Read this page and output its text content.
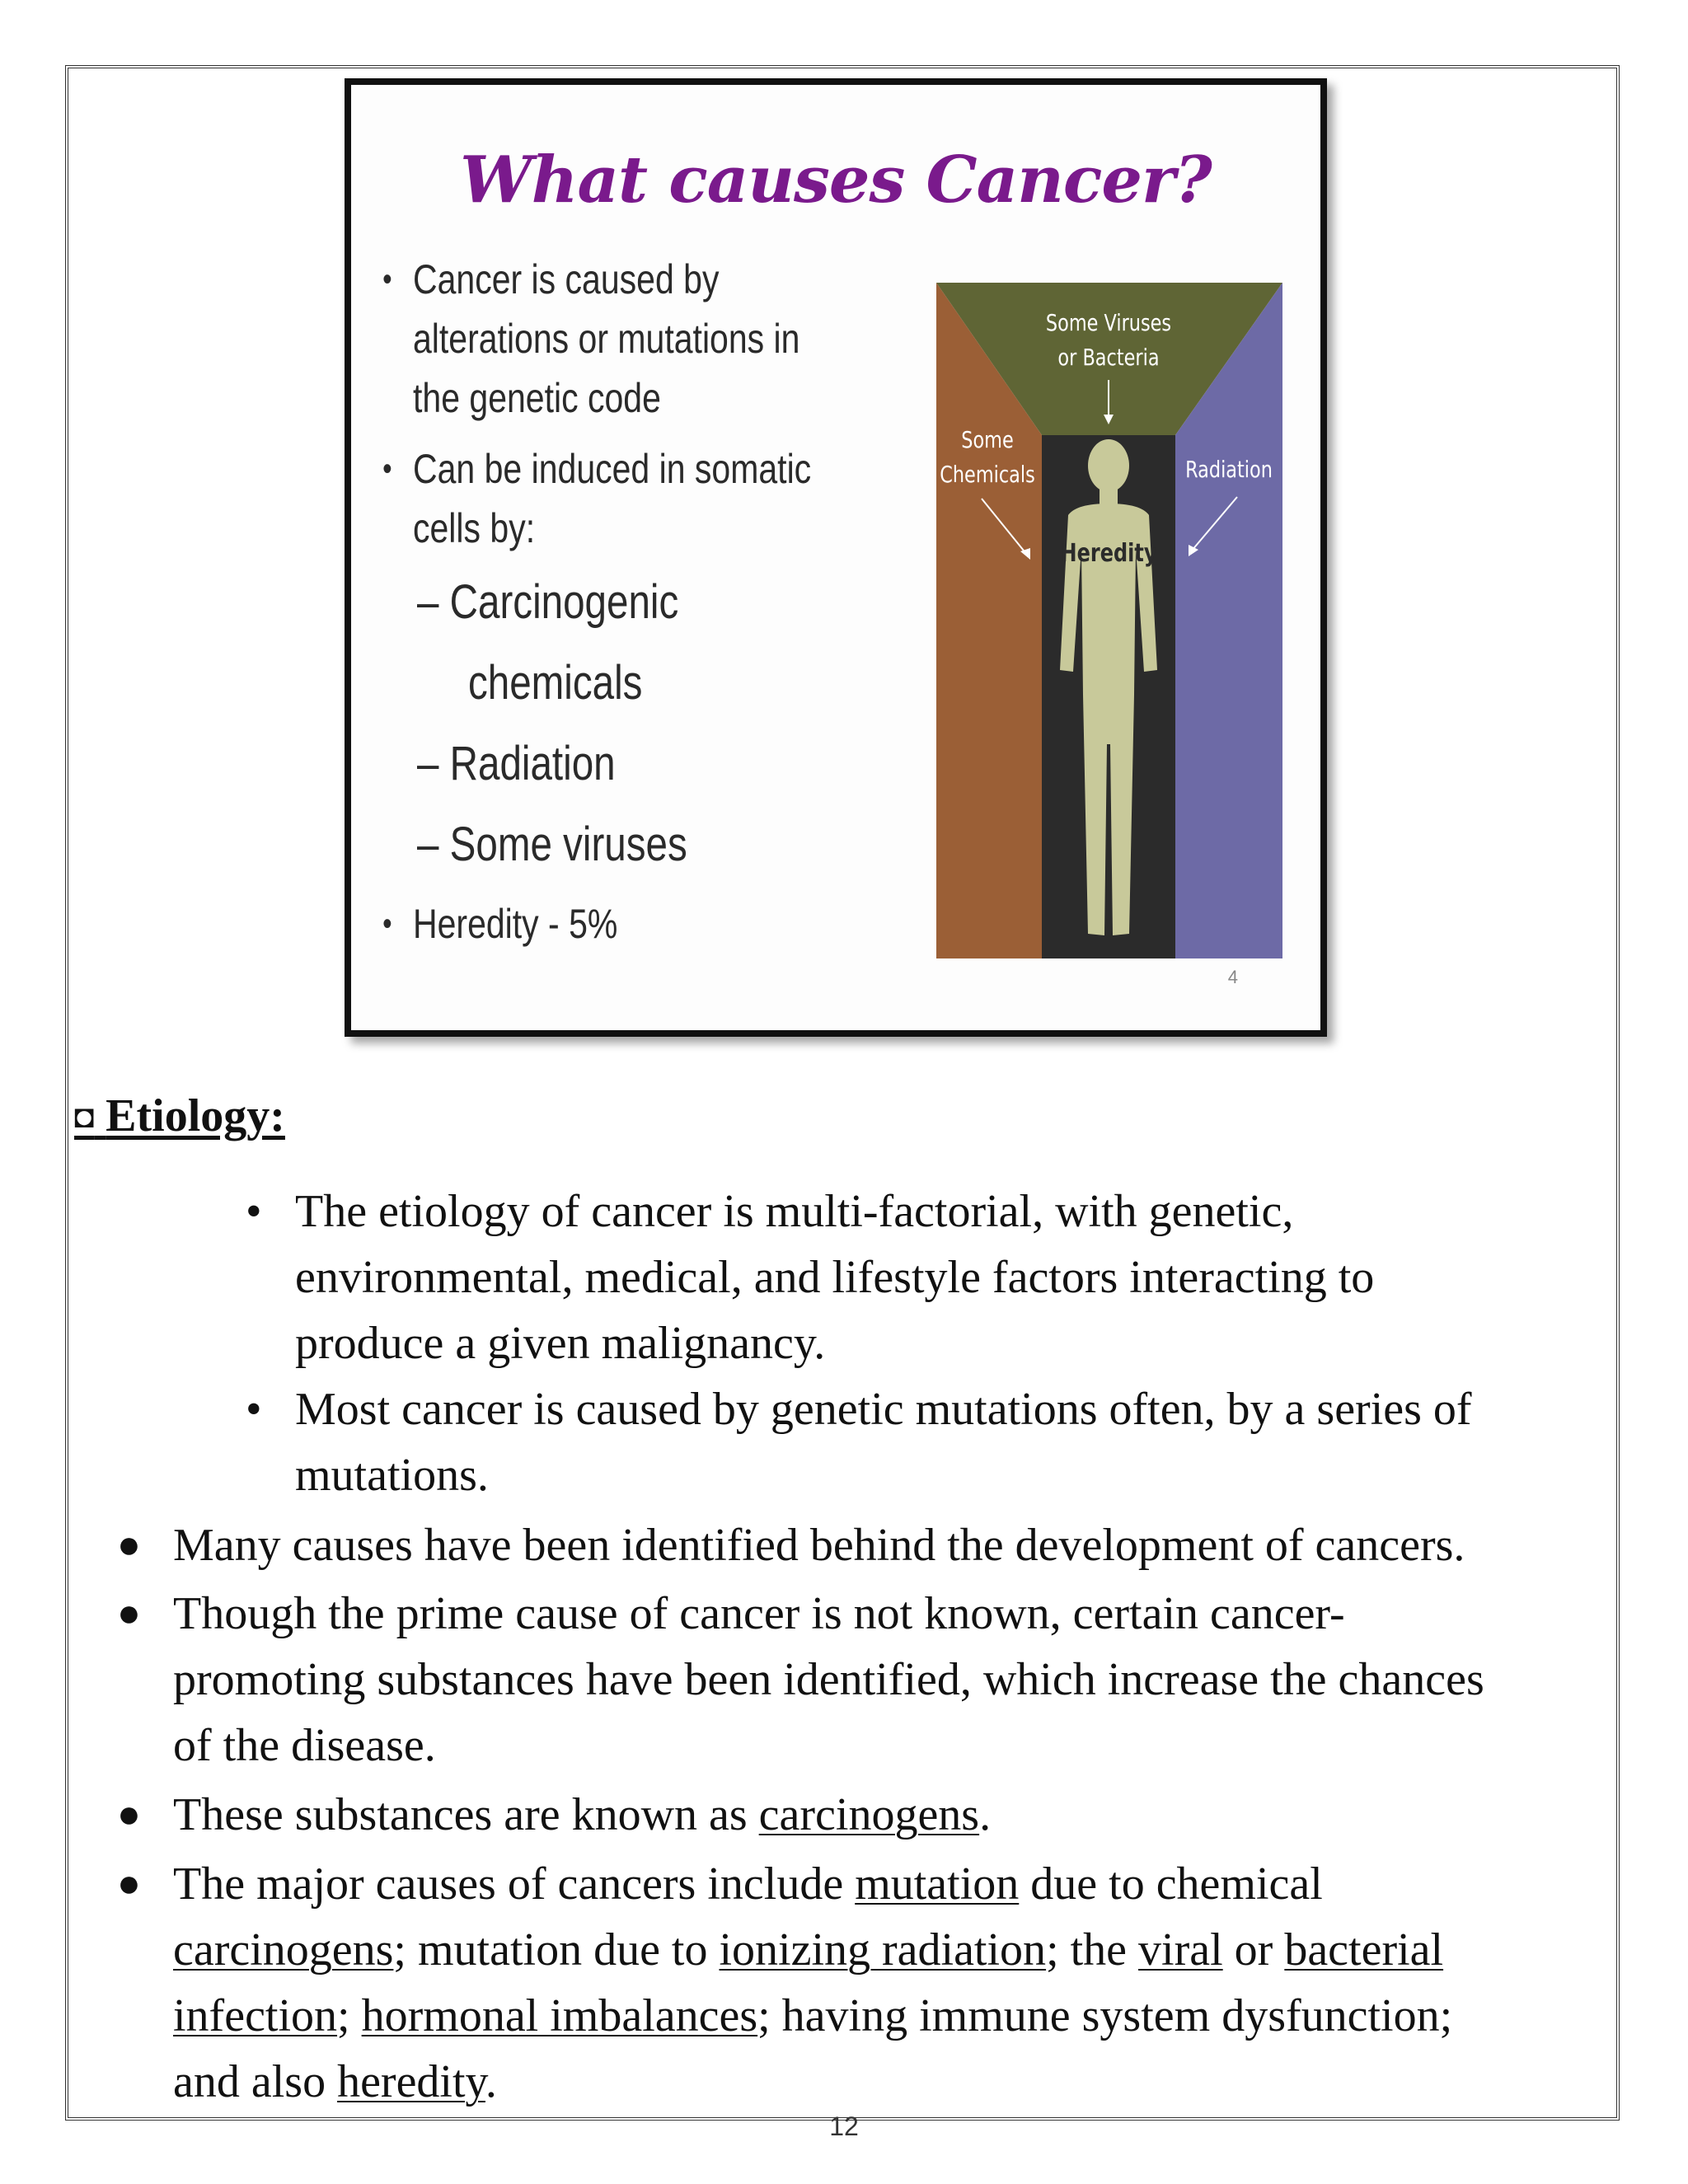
What causes Cancer?
• Cancer is caused by
alterations or mutations in
the genetic code
• Can be induced in somatic
cells by:
– Carcinogenic
chemicals
– Radiation
– Some viruses
• Heredity - 5%
Some Viruses
or Bacteria
Some
Chemicals	Radiation
Heredity
4
◘ Etiology:
• The etiology of cancer is multi-factorial, with genetic,
environmental, medical, and lifestyle factors interacting to
produce a given malignancy.
• Most cancer is caused by genetic mutations often, by a series of
mutations.
● Many causes have been identified behind the development of cancers.
● Though the prime cause of cancer is not known, certain cancer-
promoting substances have been identified, which increase the chances
of the disease.
● These substances are known as carcinogens.
● The major causes of cancers include mutation due to chemical
carcinogens; mutation due to ionizing radiation; the viral or bacterial
infection; hormonal imbalances; having immune system dysfunction;
and also heredity.
12
